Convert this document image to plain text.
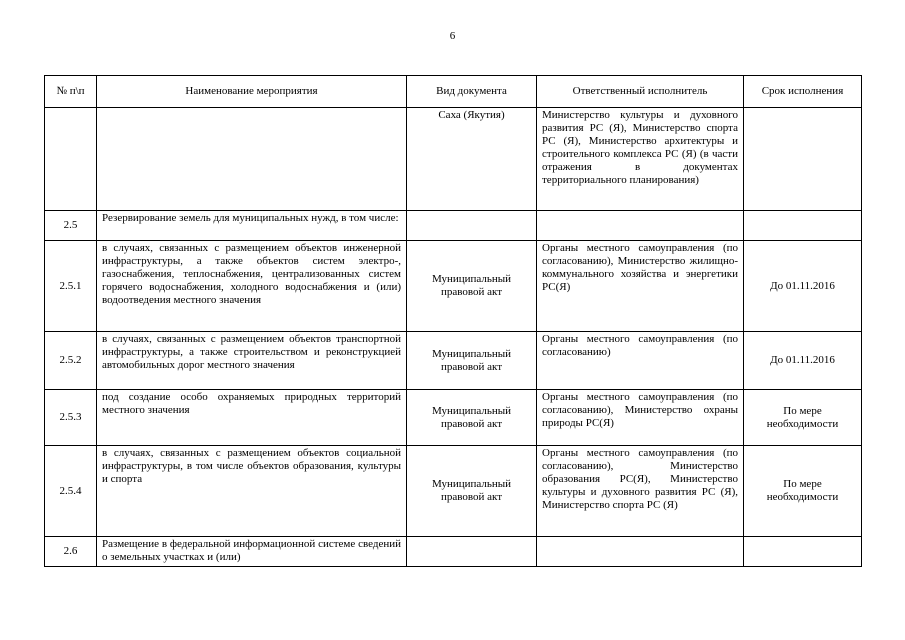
6
№ п\п	Наименование мероприятия	Вид документа	Ответственный исполнитель	Срок исполнения
		Саха (Якутия)	Министерство культуры и духовного развития РС (Я), Министерство спорта РС (Я), Министерство архитектуры и строительного комплекса РС (Я) (в части отражения в документах территориального планирования)	
2.5	Резервирование земель для муниципальных нужд, в том числе:			
2.5.1	в случаях, связанных с размещением объектов инженерной инфраструктуры, а также объектов систем электро-, газоснабжения, теплоснабжения, централизованных систем горячего водоснабжения, холодного водоснабжения и (или) водоотведения местного значения	Муниципальный правовой акт	Органы местного самоуправления (по согласованию), Министерство жилищно-коммунального хозяйства и энергетики РС(Я)	До 01.11.2016
2.5.2	в случаях, связанных с размещением объектов транспортной инфраструктуры, а также строительством и реконструкцией автомобильных дорог местного значения	Муниципальный правовой акт	Органы местного самоуправления (по согласованию)	До 01.11.2016
2.5.3	под создание особо охраняемых природных территорий местного значения	Муниципальный правовой акт	Органы местного самоуправления (по согласованию), Министерство охраны природы РС(Я)	По мере необходимости
2.5.4	в случаях, связанных с размещением объектов социальной инфраструктуры, в том числе объектов образования, культуры и спорта	Муниципальный правовой акт	Органы местного самоуправления (по согласованию), Министерство образования РС(Я), Министерство культуры и духовного развития РС (Я), Министерство спорта РС (Я)	По мере необходимости
2.6	Размещение в федеральной информационной системе сведений о земельных участках и (или)			
